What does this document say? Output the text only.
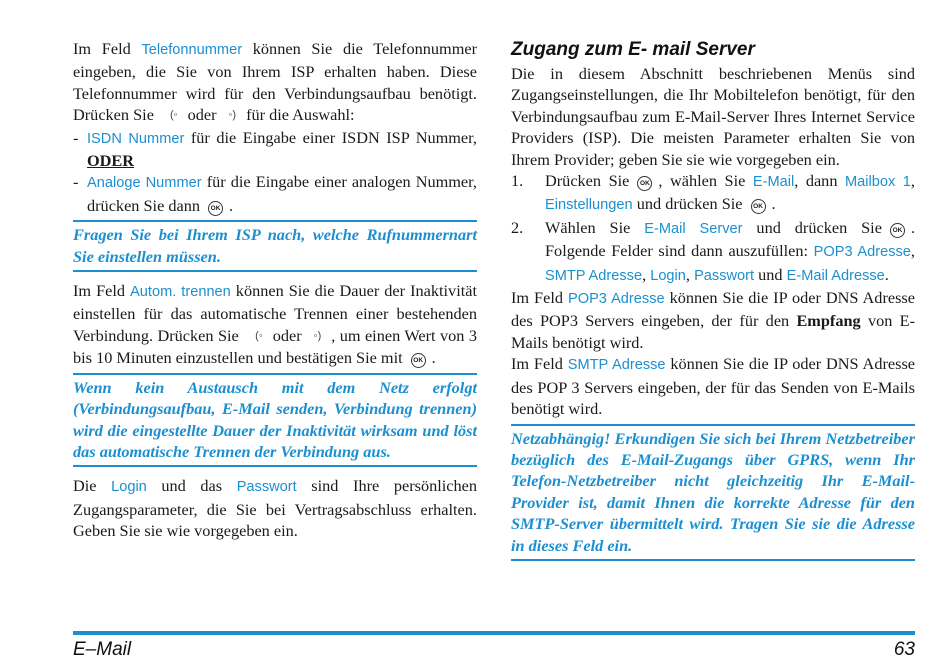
Im Feld Telefonnummer können Sie die Telefonnummer eingeben, die Sie von Ihrem ISP erhalten haben. Diese Telefonnummer wird für den Verbindungsaufbau benötigt. Drücken Sie (◦ oder ◦) für die Auswahl:

- ISDN Nummer für die Eingabe einer ISDN ISP Nummer, ODER
- Analoge Nummer für die Eingabe einer analogen Nummer, drücken Sie dann OK .
Fragen Sie bei Ihrem ISP nach, welche Rufnummernart Sie einstellen müssen.

Im Feld Autom. trennen können Sie die Dauer der Inaktivität einstellen für das automatische Trennen einer bestehenden Verbindung. Drücken Sie (◦ oder ◦) , um einen Wert von 3 bis 10 Minuten einzustellen und bestätigen Sie mit OK .

Wenn kein Austausch mit dem Netz erfolgt (Verbindungsaufbau, E-Mail senden, Verbindung trennen) wird die eingestellte Dauer der Inaktivität wirksam und löst das automatische Trennen der Verbindung aus.

Die Login und das Passwort sind Ihre persönlichen Zugangsparameter, die Sie bei Vertragsabschluss erhalten. Geben Sie sie wie vorgegeben ein.

Zugang zum E- mail Server

Die in diesem Abschnitt beschriebenen Menüs sind Zugangseinstellungen, die Ihr Mobiltelefon benötigt, für den Verbindungsaufbau zum E-Mail-Server Ihres Internet Service Providers (ISP). Die meisten Parameter erhalten Sie von Ihrem Provider; geben Sie sie wie vorgegeben ein.

1.	Drücken Sie OK , wählen Sie E-Mail, dann Mailbox 1, Einstellungen und drücken Sie OK .
2.	Wählen Sie E-Mail Server und drücken Sie OK . Folgende Felder sind dann auszufüllen: POP3 Adresse, SMTP Adresse, Login, Passwort und E-Mail Adresse.

Im Feld POP3 Adresse können Sie die IP oder DNS Adresse des POP3 Servers eingeben, der für den Empfang von E-Mails benötigt wird.

Im Feld SMTP Adresse können Sie die IP oder DNS Adresse des POP 3 Servers eingeben, der für das Senden von E-Mails benötigt wird.

Netzabhängig! Erkundigen Sie sich bei Ihrem Netzbetreiber bezüglich des E-Mail-Zugangs über GPRS, wenn Ihr Telefon-Netzbetreiber nicht gleichzeitig Ihr E-Mail-Provider ist, damit Ihnen die korrekte Adresse für den SMTP-Server übermittelt wird. Tragen Sie sie die Adresse in dieses Feld ein.
E–Mail	63
